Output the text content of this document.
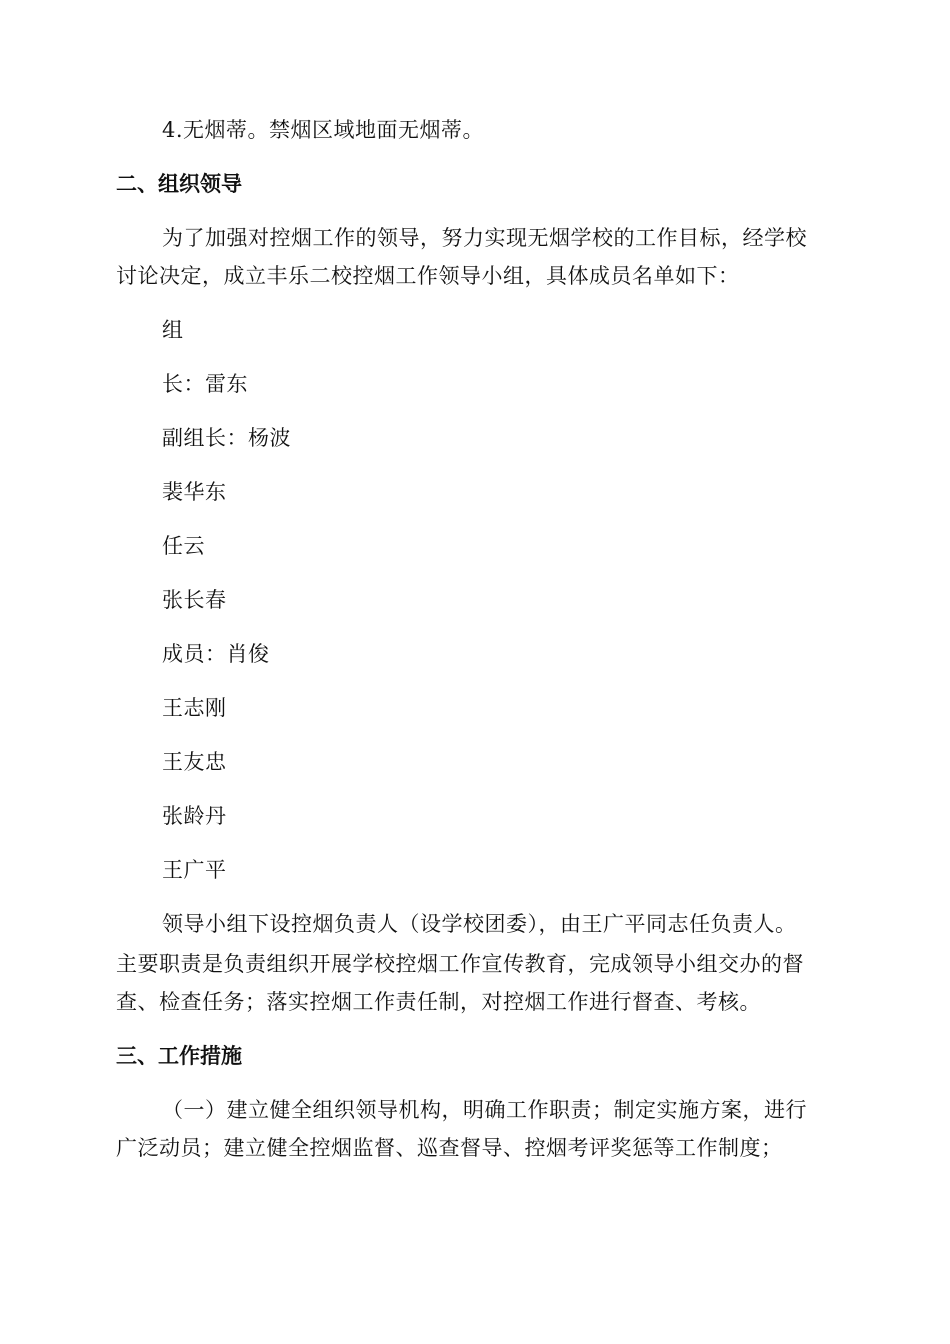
4.无烟蒂。禁烟区域地面无烟蒂。
二、组织领导
为了加强对控烟工作的领导，努力实现无烟学校的工作目标，经学校
讨论决定，成立丰乐二校控烟工作领导小组，具体成员名单如下：
组
长：雷东
副组长：杨波
裴华东
任云
张长春
成员：肖俊
王志刚
王友忠
张龄丹
王广平
领导小组下设控烟负责人（设学校团委），由王广平同志任负责人。
主要职责是负责组织开展学校控烟工作宣传教育，完成领导小组交办的督
查、检查任务；落实控烟工作责任制，对控烟工作进行督查、考核。
三、工作措施
（一）建立健全组织领导机构，明确工作职责；制定实施方案，进行
广泛动员；建立健全控烟监督、巡查督导、控烟考评奖惩等工作制度；
